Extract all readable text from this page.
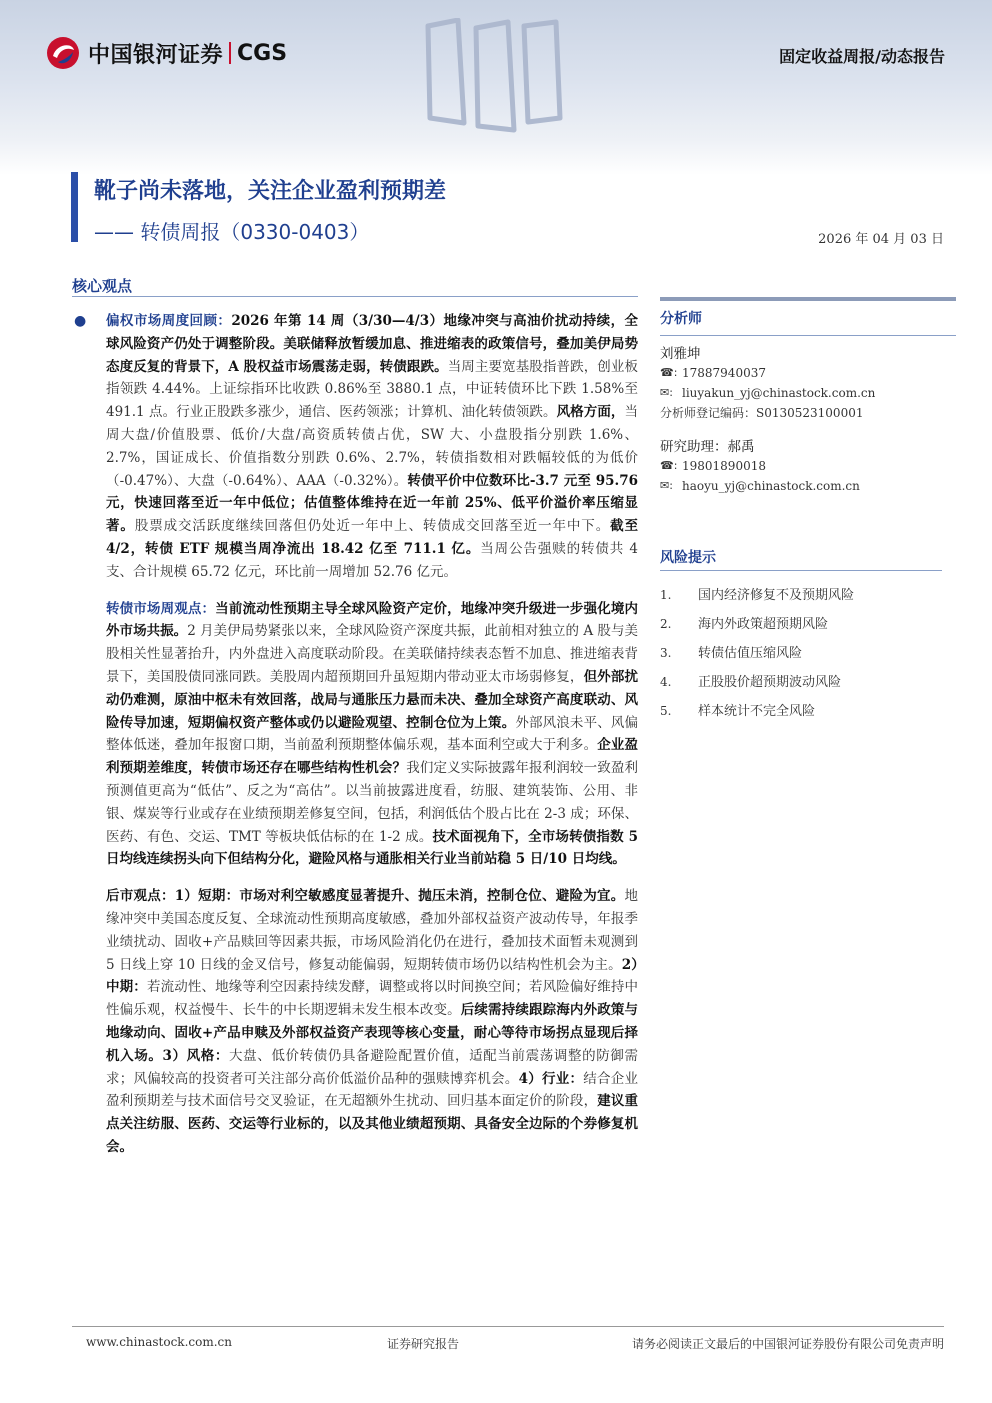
中国银河证券 CGS	固定收益周报/动态报告
靴子尚未落地，关注企业盈利预期差
—— 转债周报（0330-0403）	2026 年 04 月 03 日
核心观点

● 偏权市场周度回顾：2026 年第 14 周（3/30—4/3）地缘冲突与高油价扰动持续，全球风险资产仍处于调整阶段。美联储释放暂缓加息、推进缩表的政策信号，叠加美伊局势态度反复的背景下，A 股权益市场震荡走弱，转债跟跌。当周主要宽基股指普跌，创业板指领跌 4.44%。上证综指环比收跌 0.86%至 3880.1 点，中证转债环比下跌 1.58%至 491.1 点。行业正股跌多涨少，通信、医药领涨；计算机、油化转债领跌。风格方面，当周大盘/价值股票、低价/大盘/高资质转债占优，SW 大、小盘股指分别跌 1.6%、2.7%，国证成长、价值指数分别跌 0.6%、2.7%，转债指数相对跌幅较低的为低价（-0.47%）、大盘（-0.64%）、AAA（-0.32%）。转债平价中位数环比-3.7 元至 95.76 元，快速回落至近一年中低位；估值整体维持在近一年前 25%、低平价溢价率压缩显著。股票成交活跃度继续回落但仍处近一年中上、转债成交回落至近一年中下。截至 4/2，转债 ETF 规模当周净流出 18.42 亿至 711.1 亿。当周公告强赎的转债共 4 支、合计规模 65.72 亿元，环比前一周增加 52.76 亿元。

转债市场周观点：当前流动性预期主导全球风险资产定价，地缘冲突升级进一步强化境内外市场共振。2 月美伊局势紧张以来，全球风险资产深度共振，此前相对独立的 A 股与美股相关性显著抬升，内外盘进入高度联动阶段。在美联储持续表态暂不加息、推进缩表背景下，美国股债同涨同跌。美股周内超预期回升虽短期内带动亚太市场弱修复，但外部扰动仍难测，原油中枢未有效回落，战局与通胀压力悬而未决、叠加全球资产高度联动、风险传导加速，短期偏权资产整体或仍以避险观望、控制仓位为上策。外部风浪未平、风偏整体低迷，叠加年报窗口期，当前盈利预期整体偏乐观，基本面利空或大于利多。企业盈利预期差维度，转债市场还存在哪些结构性机会？我们定义实际披露年报利润较一致盈利预测值更高为“低估”、反之为“高估”。以当前披露进度看，纺服、建筑装饰、公用、非银、煤炭等行业或存在业绩预期差修复空间，包括，利润低估个股占比在 2-3 成；环保、医药、有色、交运、TMT 等板块低估标的在 1-2 成。技术面视角下，全市场转债指数 5 日均线连续拐头向下但结构分化，避险风格与通胀相关行业当前站稳 5 日/10 日均线。

后市观点：1）短期：市场对利空敏感度显著提升、抛压未消，控制仓位、避险为宜。地缘冲突中美国态度反复、全球流动性预期高度敏感，叠加外部权益资产波动传导，年报季业绩扰动、固收+产品赎回等因素共振，市场风险消化仍在进行，叠加技术面暂未观测到 5 日线上穿 10 日线的金叉信号，修复动能偏弱，短期转债市场仍以结构性机会为主。2）中期：若流动性、地缘等利空因素持续发酵，调整或将以时间换空间；若风险偏好维持中性偏乐观，权益慢牛、长牛的中长期逻辑未发生根本改变。后续需持续跟踪海内外政策与地缘动向、固收+产品申赎及外部权益资产表现等核心变量，耐心等待市场拐点显现后择机入场。3）风格：大盘、低价转债仍具备避险配置价值，适配当前震荡调整的防御需求；风偏较高的投资者可关注部分高价低溢价品种的强赎博弈机会。4）行业：结合企业盈利预期差与技术面信号交叉验证，在无超额外生扰动、回归基本面定价的阶段，建议重点关注纺服、医药、交运等行业标的，以及其他业绩超预期、具备安全边际的个券修复机会。

分析师
刘雅坤
☎: 17887940037
✉: liuyakun_yj@chinastock.com.cn
分析师登记编码：S0130523100001
研究助理：郝禹
☎: 19801890018
✉: haoyu_yj@chinastock.com.cn
风险提示
1.	国内经济修复不及预期风险
2.	海内外政策超预期风险
3.	转债估值压缩风险
4.	正股股价超预期波动风险
5.	样本统计不完全风险
www.chinastock.com.cn	证券研究报告	请务必阅读正文最后的中国银河证券股份有限公司免责声明
